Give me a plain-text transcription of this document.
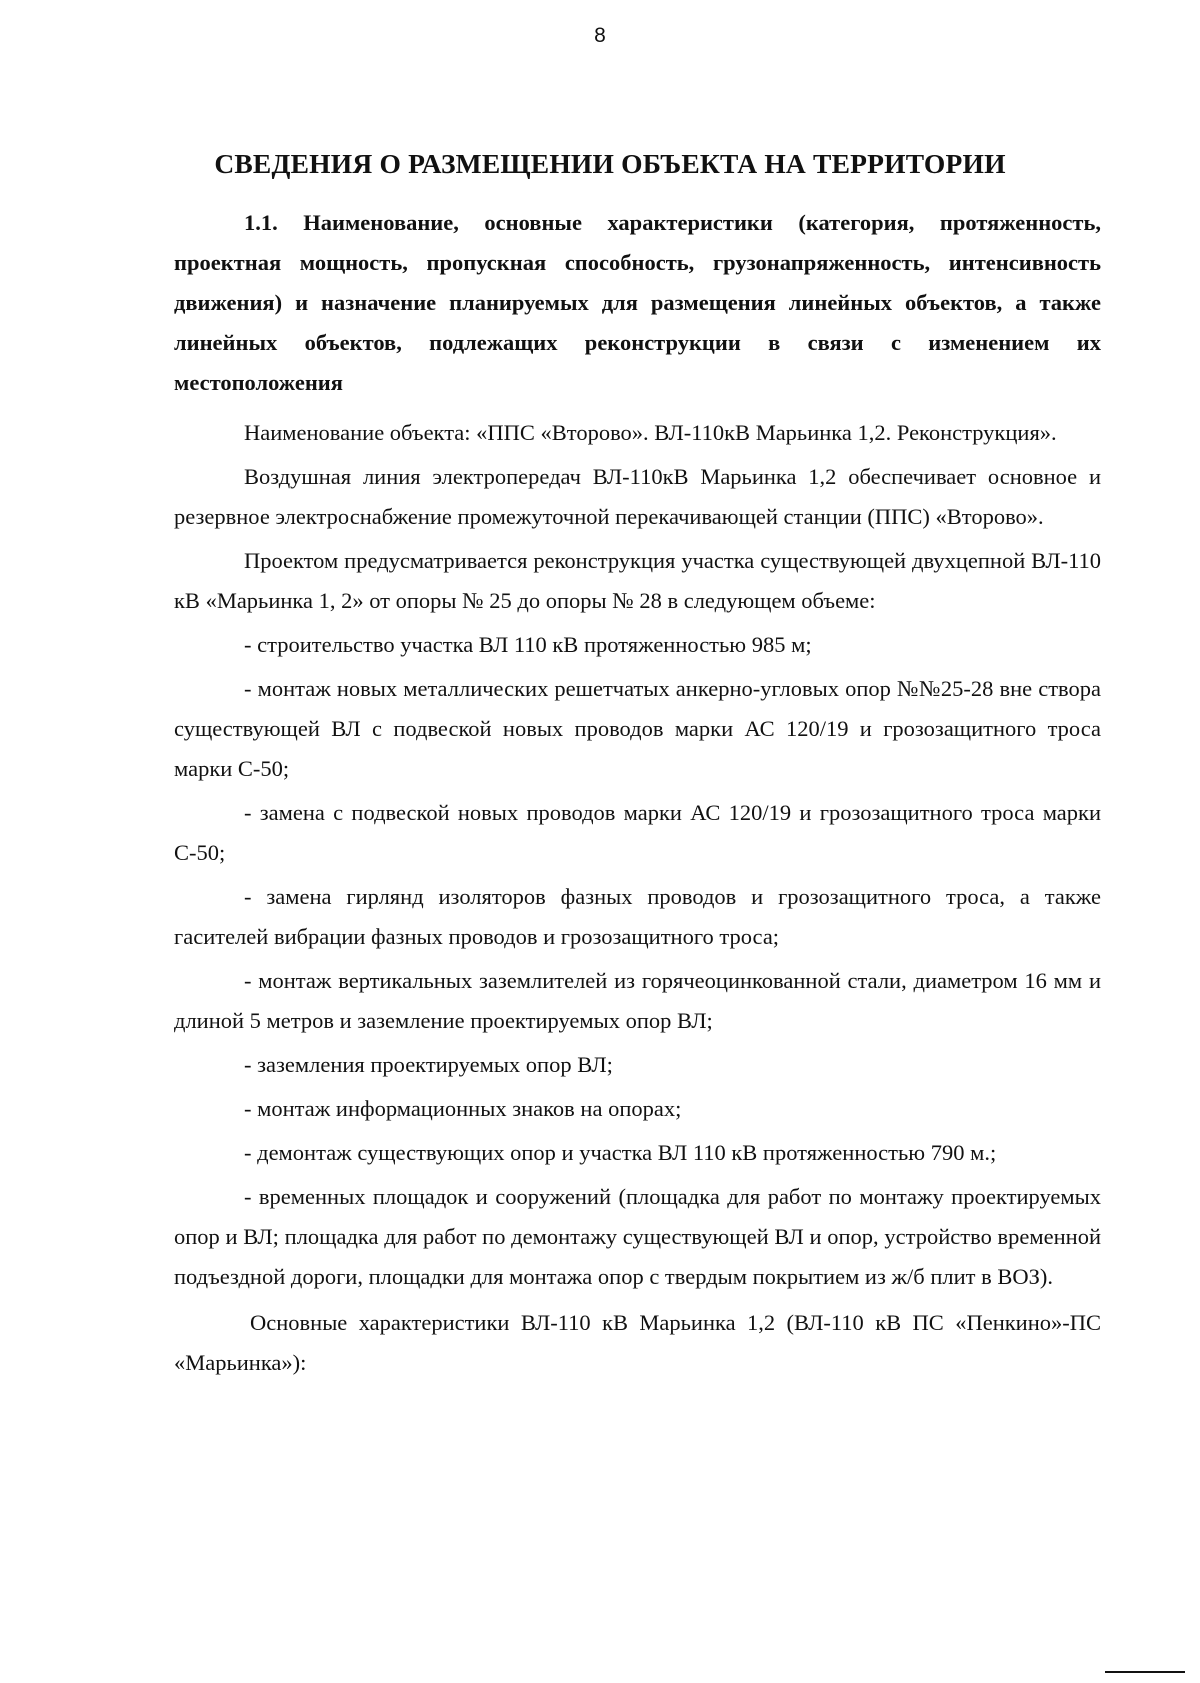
8
СВЕДЕНИЯ О РАЗМЕЩЕНИИ ОБЪЕКТА НА ТЕРРИТОРИИ
1.1. Наименование, основные характеристики (категория, протяженность, проектная мощность, пропускная способность, грузонапряженность, интенсивность движения) и назначение планируемых для размещения линейных объектов, а также линейных объектов, подлежащих реконструкции в связи с изменением их местоположения

Наименование объекта: «ППС «Второво». ВЛ-110кВ Марьинка 1,2. Реконструкция».

Воздушная линия электропередач ВЛ-110кВ Марьинка 1,2 обеспечивает основное и резервное электроснабжение промежуточной перекачивающей станции (ППС) «Второво».

Проектом предусматривается реконструкция участка существующей двухцепной ВЛ-110 кВ «Марьинка 1, 2» от опоры № 25 до опоры № 28 в следующем объеме:

- строительство участка ВЛ 110 кВ протяженностью 985 м;

- монтаж новых металлических решетчатых анкерно-угловых опор №№25-28 вне створа существующей ВЛ с подвеской новых проводов марки АС 120/19 и грозозащитного троса марки С-50;

- замена с подвеской новых проводов марки АС 120/19 и грозозащитного троса марки С-50;

- замена гирлянд изоляторов фазных проводов и грозозащитного троса, а также гасителей вибрации фазных проводов и грозозащитного троса;

- монтаж вертикальных заземлителей из горячеоцинкованной стали, диаметром 16 мм и длиной 5 метров и заземление проектируемых опор ВЛ;

- заземления проектируемых опор ВЛ;

- монтаж информационных знаков на опорах;

- демонтаж существующих опор и участка ВЛ 110 кВ протяженностью 790 м.;

- временных площадок и сооружений (площадка для работ по монтажу проектируемых опор и ВЛ; площадка для работ по демонтажу существующей ВЛ и опор, устройство временной подъездной дороги, площадки для монтажа опор с твердым покрытием из ж/б плит в ВОЗ).

Основные характеристики ВЛ-110 кВ Марьинка 1,2 (ВЛ-110 кВ ПС «Пенкино»-ПС «Марьинка»):
